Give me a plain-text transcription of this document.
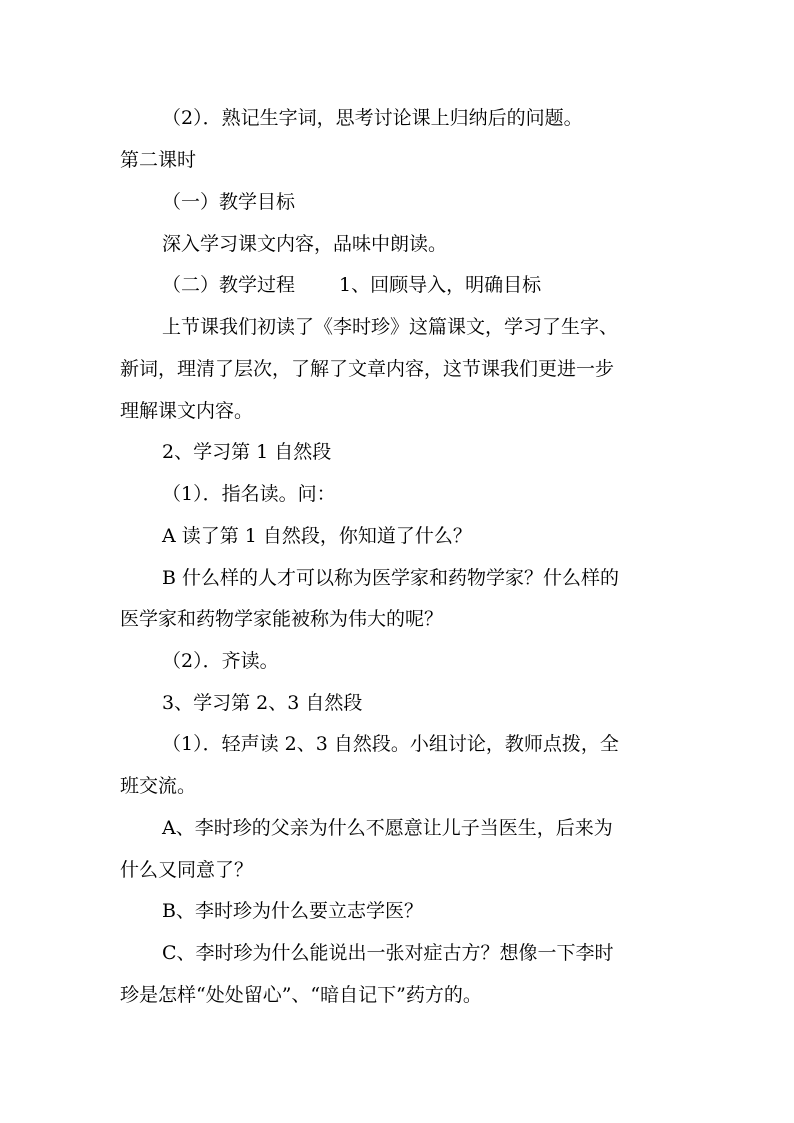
（2）．熟记生字词，思考讨论课上归纳后的问题。
第二课时
（一）教学目标
深入学习课文内容，品味中朗读。
（二）教学过程　　 1、回顾导入，明确目标
上节课我们初读了《李时珍》这篇课文，学习了生字、
新词，理清了层次，了解了文章内容，这节课我们更进一步
理解课文内容。
2、学习第 1 自然段
（1）．指名读。问：
A 读了第 1 自然段，你知道了什么？
B 什么样的人才可以称为医学家和药物学家？什么样的
医学家和药物学家能被称为伟大的呢？
（2）．齐读。
3、学习第 2、3 自然段
（1）．轻声读 2、3 自然段。小组讨论，教师点拨，全
班交流。
A、李时珍的父亲为什么不愿意让儿子当医生，后来为
什么又同意了？
B、李时珍为什么要立志学医？
C、李时珍为什么能说出一张对症古方？想像一下李时
珍是怎样“处处留心”、“暗自记下”药方的。
